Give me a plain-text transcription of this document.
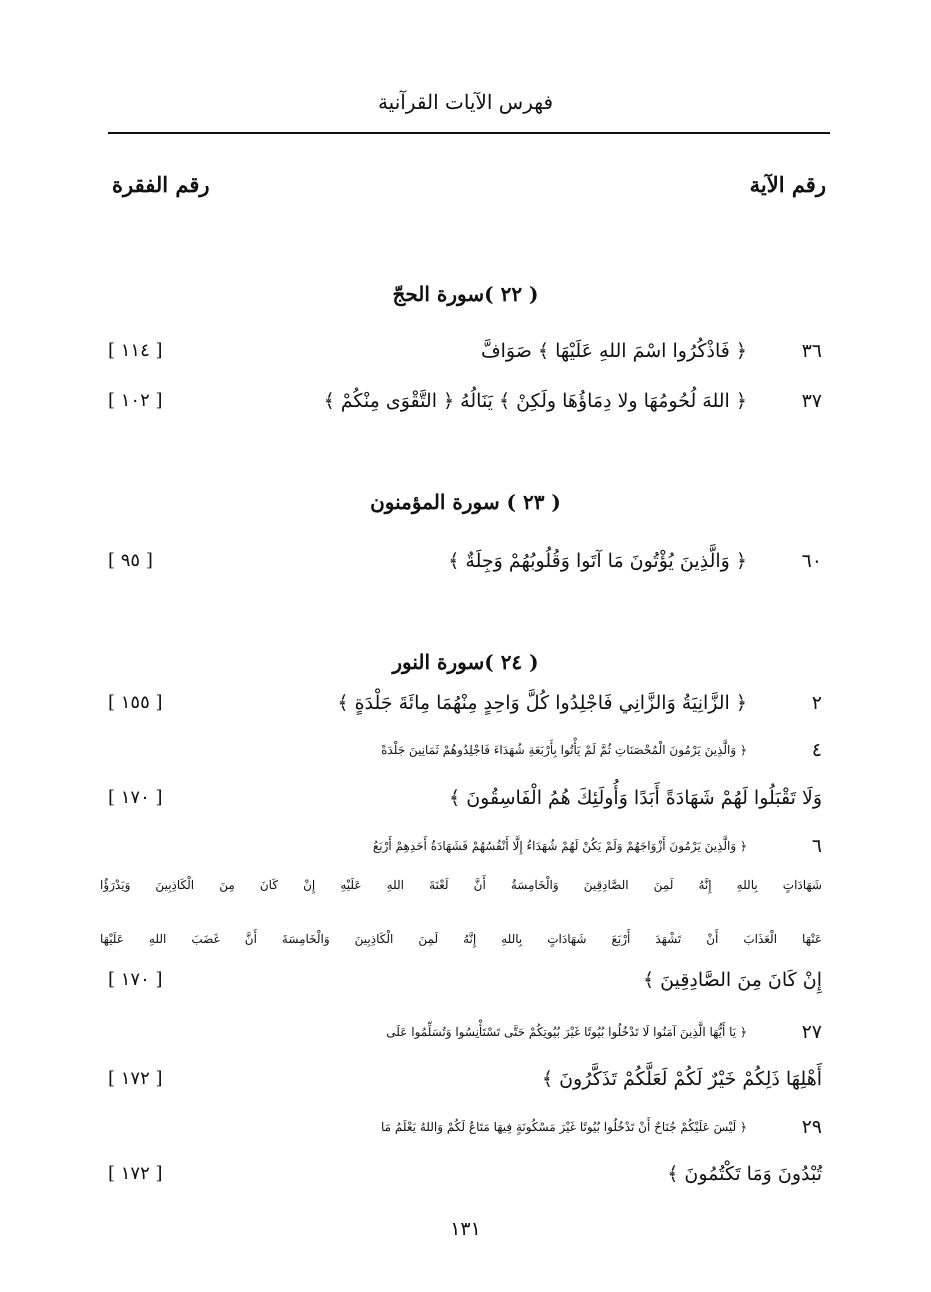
فهرس الآيات القرآنية
رقم الآية
رقم الفقرة
( ٢٢ )سورة الحجّ
٣٦
﴿ فَاذْكُرُوا اسْمَ اللهِ عَلَيْهَا ﴾ صَوَافَّ
[ ١١٤ ]
٣٧
﴿ اللهَ لُحُومُهَا ولا دِمَاؤُهَا ولَكِنْ ﴾ يَنَالُهُ ﴿ التَّقْوَى مِنْكُمْ ﴾
[ ١٠٢ ]
( ٢٣ ) سورة المؤمنون
٦٠
﴿ وَالَّذِينَ يُؤْتُونَ مَا آتَوا وَقُلُوبُهُمْ وَجِلَةٌ ﴾
[ ٩٥ ]
( ٢٤ )سورة النور
٢
﴿ الزَّانِيَةُ وَالزَّانِي فَاجْلِدُوا كُلَّ وَاحِدٍ مِنْهُمَا مِائَةَ جَلْدَةٍ ﴾
[ ١٥٥ ]
٤
﴿ وَالَّذِينَ يَرْمُونَ الْمُحْصَنَاتِ ثُمَّ لَمْ يَأْتُوا بِأَرْبَعَةِ شُهَدَاءَ فَاجْلِدُوهُمْ ثَمَانِينَ جَلْدَةً
وَلَا تَقْبَلُوا لَهُمْ شَهَادَةً أَبَدًا وَأُولَئِكَ هُمُ الْفَاسِقُونَ ﴾
[ ١٧٠ ]
٦
﴿ وَالَّذِينَ يَرْمُونَ أَزْوَاجَهُمْ وَلَمْ يَكُنْ لَهُمْ شُهَدَاءُ إِلَّا أَنْفُسُهُمْ فَشَهَادَةُ أَحَدِهِمْ أَرْبَعُ
شَهَادَاتٍ بِاللهِ إِنَّهُ لَمِنَ الصَّادِقِينَ وَالْخَامِسَةُ أَنَّ لَعْنَةَ اللهِ عَلَيْهِ إِنْ كَانَ مِنَ الْكَاذِبِينَ وَيَدْرَؤُا
عَنْهَا الْعَذَابَ أَنْ تَشْهَدَ أَرْبَعَ شَهَادَاتٍ بِاللهِ إِنَّهُ لَمِنَ الْكَاذِبِينَ وَالْخَامِسَةَ أَنَّ غَضَبَ اللهِ عَلَيْهَا
إِنْ كَانَ مِنَ الصَّادِقِينَ ﴾
[ ١٧٠ ]
٢٧
﴿ يَا أَيُّهَا الَّذِينَ آمَنُوا لَا تَدْخُلُوا بُيُوتًا غَيْرَ بُيُوتِكُمْ حَتَّى تَسْتَأْنِسُوا وَتُسَلِّمُوا عَلَى
أَهْلِهَا ذَلِكُمْ خَيْرٌ لَكُمْ لَعَلَّكُمْ تَذَكَّرُونَ ﴾
[ ١٧٢ ]
٢٩
﴿ لَيْسَ عَلَيْكُمْ جُنَاحٌ أَنْ تَدْخُلُوا بُيُوتًا غَيْرَ مَسْكُونَةٍ فِيهَا مَتَاعٌ لَكُمْ وَاللهُ يَعْلَمُ مَا
تُبْدُونَ وَمَا تَكْتُمُونَ ﴾
[ ١٧٢ ]
١٣١
